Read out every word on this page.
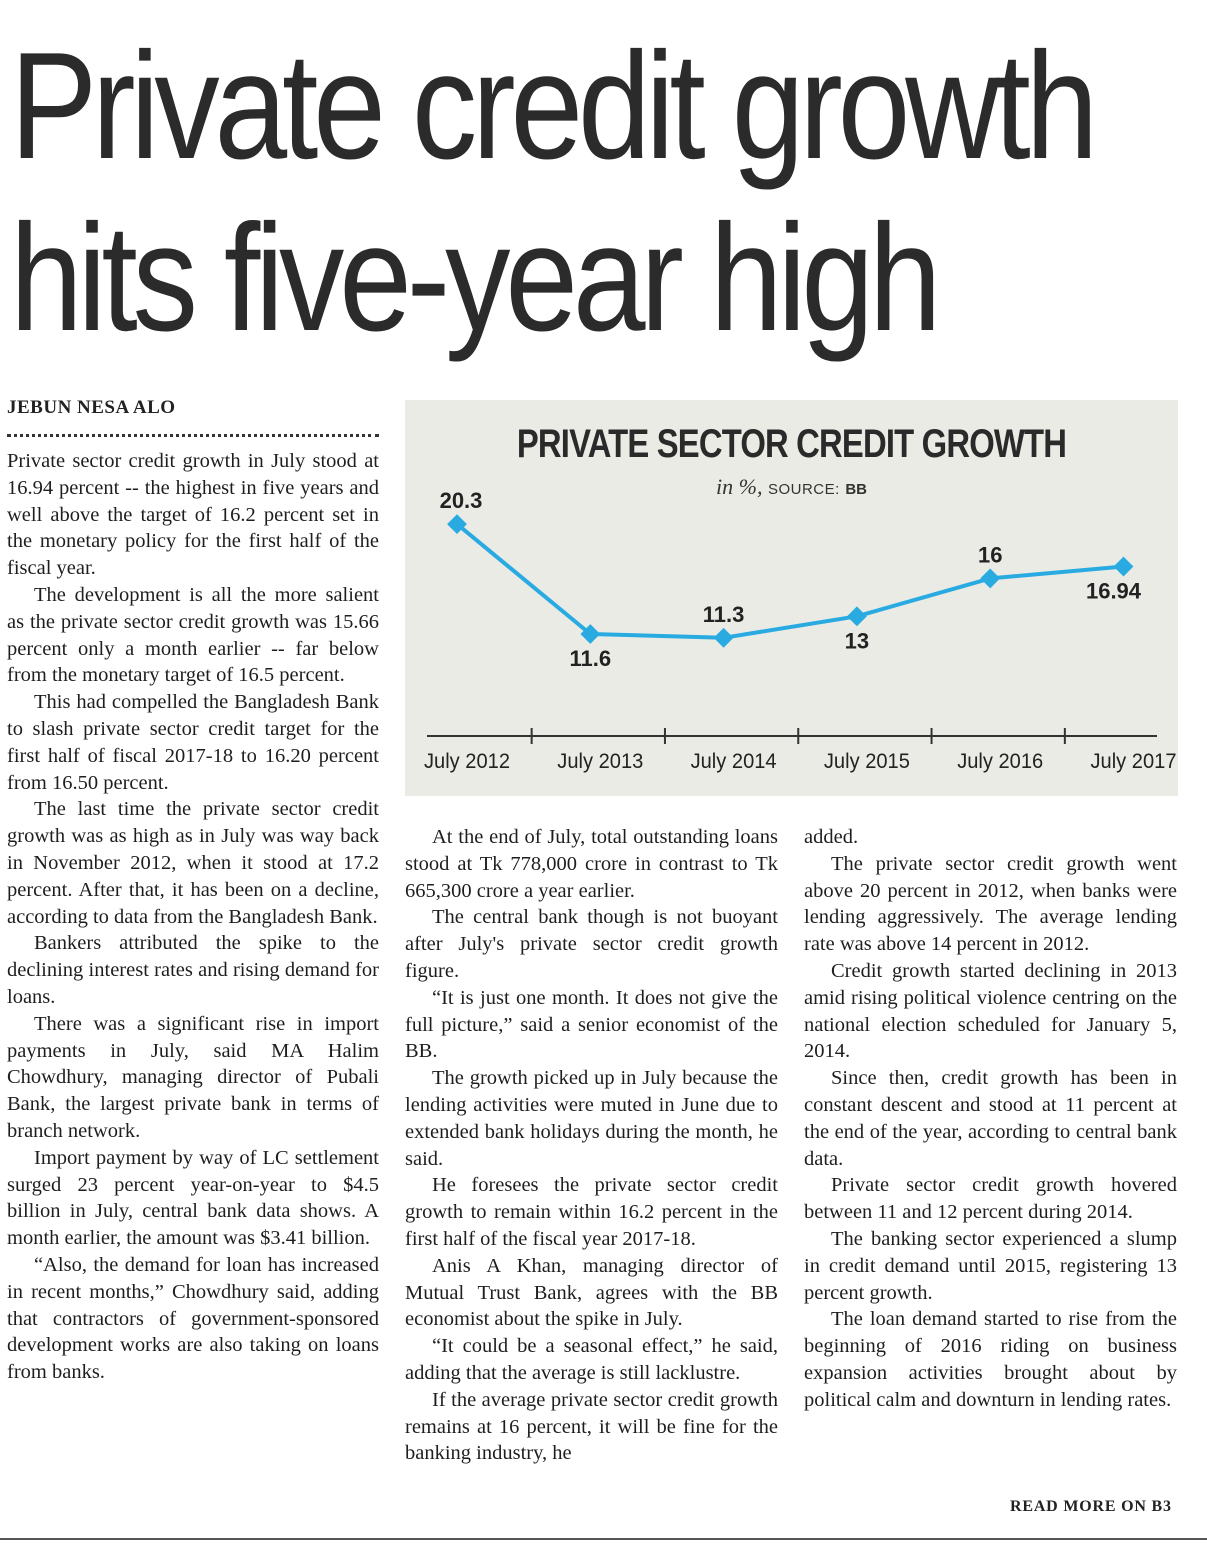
Private credit growth
hits five-year high
JEBUN NESA ALO
PRIVATE SECTOR CREDIT GROWTH
in %, SOURCE: BB
20.3
11.6
11.3
13
16
16.94
July 2012 July 2013 July 2014 July 2015 July 2016 July 2017

Private sector credit growth in July stood at 16.94 percent -- the highest in five years and well above the target of 16.2 percent set in the monetary policy for the first half of the fiscal year.

The development is all the more salient as the private sector credit growth was 15.66 percent only a month earlier -- far below from the monetary target of 16.5 percent.

This had compelled the Bangladesh Bank to slash private sector credit target for the first half of fiscal 2017-18 to 16.20 percent from 16.50 percent.

The last time the private sector credit growth was as high as in July was way back in November 2012, when it stood at 17.2 percent. After that, it has been on a decline, according to data from the Bangladesh Bank.

Bankers attributed the spike to the declining interest rates and rising demand for loans.

There was a significant rise in import payments in July, said MA Halim Chowdhury, managing director of Pubali Bank, the largest private bank in terms of branch network.

Import payment by way of LC settlement surged 23 percent year-on-year to $4.5 billion in July, central bank data shows. A month earlier, the amount was $3.41 billion.

“Also, the demand for loan has increased in recent months,” Chowdhury said, adding that contractors of government-sponsored development works are also taking on loans from banks.

At the end of July, total outstanding loans stood at Tk 778,000 crore in contrast to Tk 665,300 crore a year earlier.

The central bank though is not buoyant after July's private sector credit growth figure.

“It is just one month. It does not give the full picture,” said a senior economist of the BB.

The growth picked up in July because the lending activities were muted in June due to extended bank holidays during the month, he said.

He foresees the private sector credit growth to remain within 16.2 percent in the first half of the fiscal year 2017-18.

Anis A Khan, managing director of Mutual Trust Bank, agrees with the BB economist about the spike in July.

“It could be a seasonal effect,” he said, adding that the average is still lacklustre.

If the average private sector credit growth remains at 16 percent, it will be fine for the banking industry, he

added.

The private sector credit growth went above 20 percent in 2012, when banks were lending aggressively. The average lending rate was above 14 percent in 2012.

Credit growth started declining in 2013 amid rising political violence centring on the national election scheduled for January 5, 2014.

Since then, credit growth has been in constant descent and stood at 11 percent at the end of the year, according to central bank data.

Private sector credit growth hovered between 11 and 12 percent during 2014.

The banking sector experienced a slump in credit demand until 2015, registering 13 percent growth.

The loan demand started to rise from the beginning of 2016 riding on business expansion activities brought about by political calm and downturn in lending rates.

READ MORE ON B3
